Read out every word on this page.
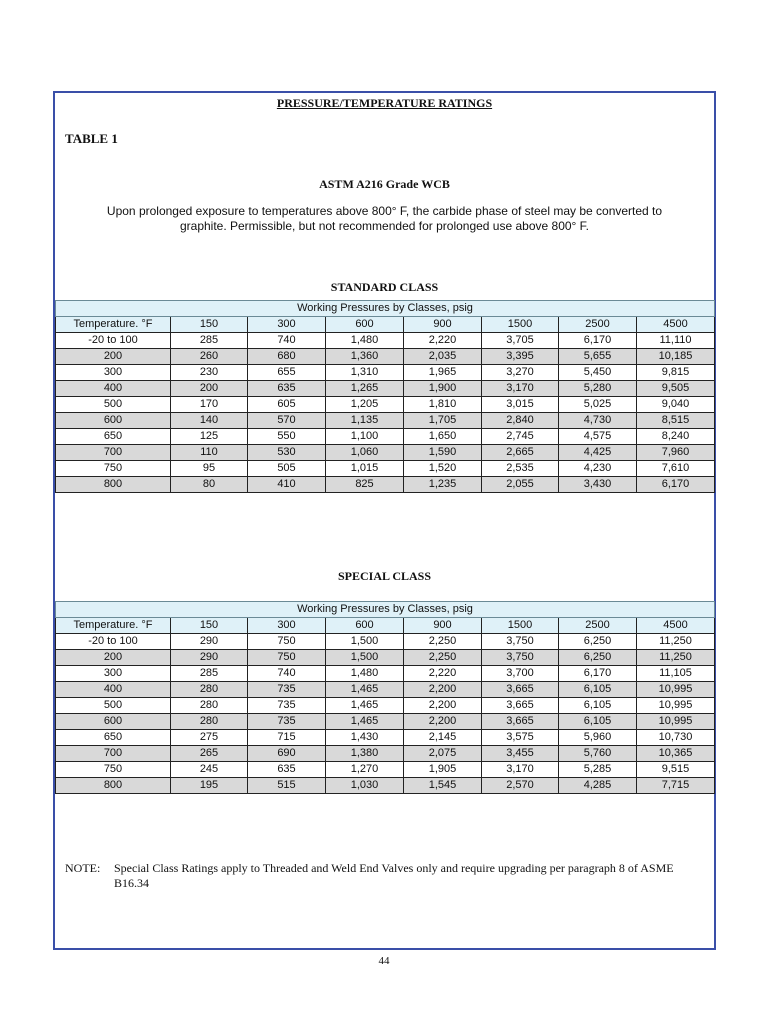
PRESSURE/TEMPERATURE RATINGS
TABLE 1
ASTM A216 Grade WCB
Upon prolonged exposure to temperatures above 800° F, the carbide phase of steel may be converted to graphite. Permissible, but not recommended for prolonged use above 800° F.
STANDARD CLASS
Working Pressures by Classes, psig							
Temperature. °F	150	300	600	900	1500	2500	4500
-20 to 100	285	740	1,480	2,220	3,705	6,170	11,110
200	260	680	1,360	2,035	3,395	5,655	10,185
300	230	655	1,310	1,965	3,270	5,450	9,815
400	200	635	1,265	1,900	3,170	5,280	9,505
500	170	605	1,205	1,810	3,015	5,025	9,040
600	140	570	1,135	1,705	2,840	4,730	8,515
650	125	550	1,100	1,650	2,745	4,575	8,240
700	110	530	1,060	1,590	2,665	4,425	7,960
750	95	505	1,015	1,520	2,535	4,230	7,610
800	80	410	825	1,235	2,055	3,430	6,170
SPECIAL CLASS
Working Pressures by Classes, psig							
Temperature. °F	150	300	600	900	1500	2500	4500
-20 to 100	290	750	1,500	2,250	3,750	6,250	11,250
200	290	750	1,500	2,250	3,750	6,250	11,250
300	285	740	1,480	2,220	3,700	6,170	11,105
400	280	735	1,465	2,200	3,665	6,105	10,995
500	280	735	1,465	2,200	3,665	6,105	10,995
600	280	735	1,465	2,200	3,665	6,105	10,995
650	275	715	1,430	2,145	3,575	5,960	10,730
700	265	690	1,380	2,075	3,455	5,760	10,365
750	245	635	1,270	1,905	3,170	5,285	9,515
800	195	515	1,030	1,545	2,570	4,285	7,715
NOTE: Special Class Ratings apply to Threaded and Weld End Valves only and require upgrading per paragraph 8 of ASME B16.34
44
